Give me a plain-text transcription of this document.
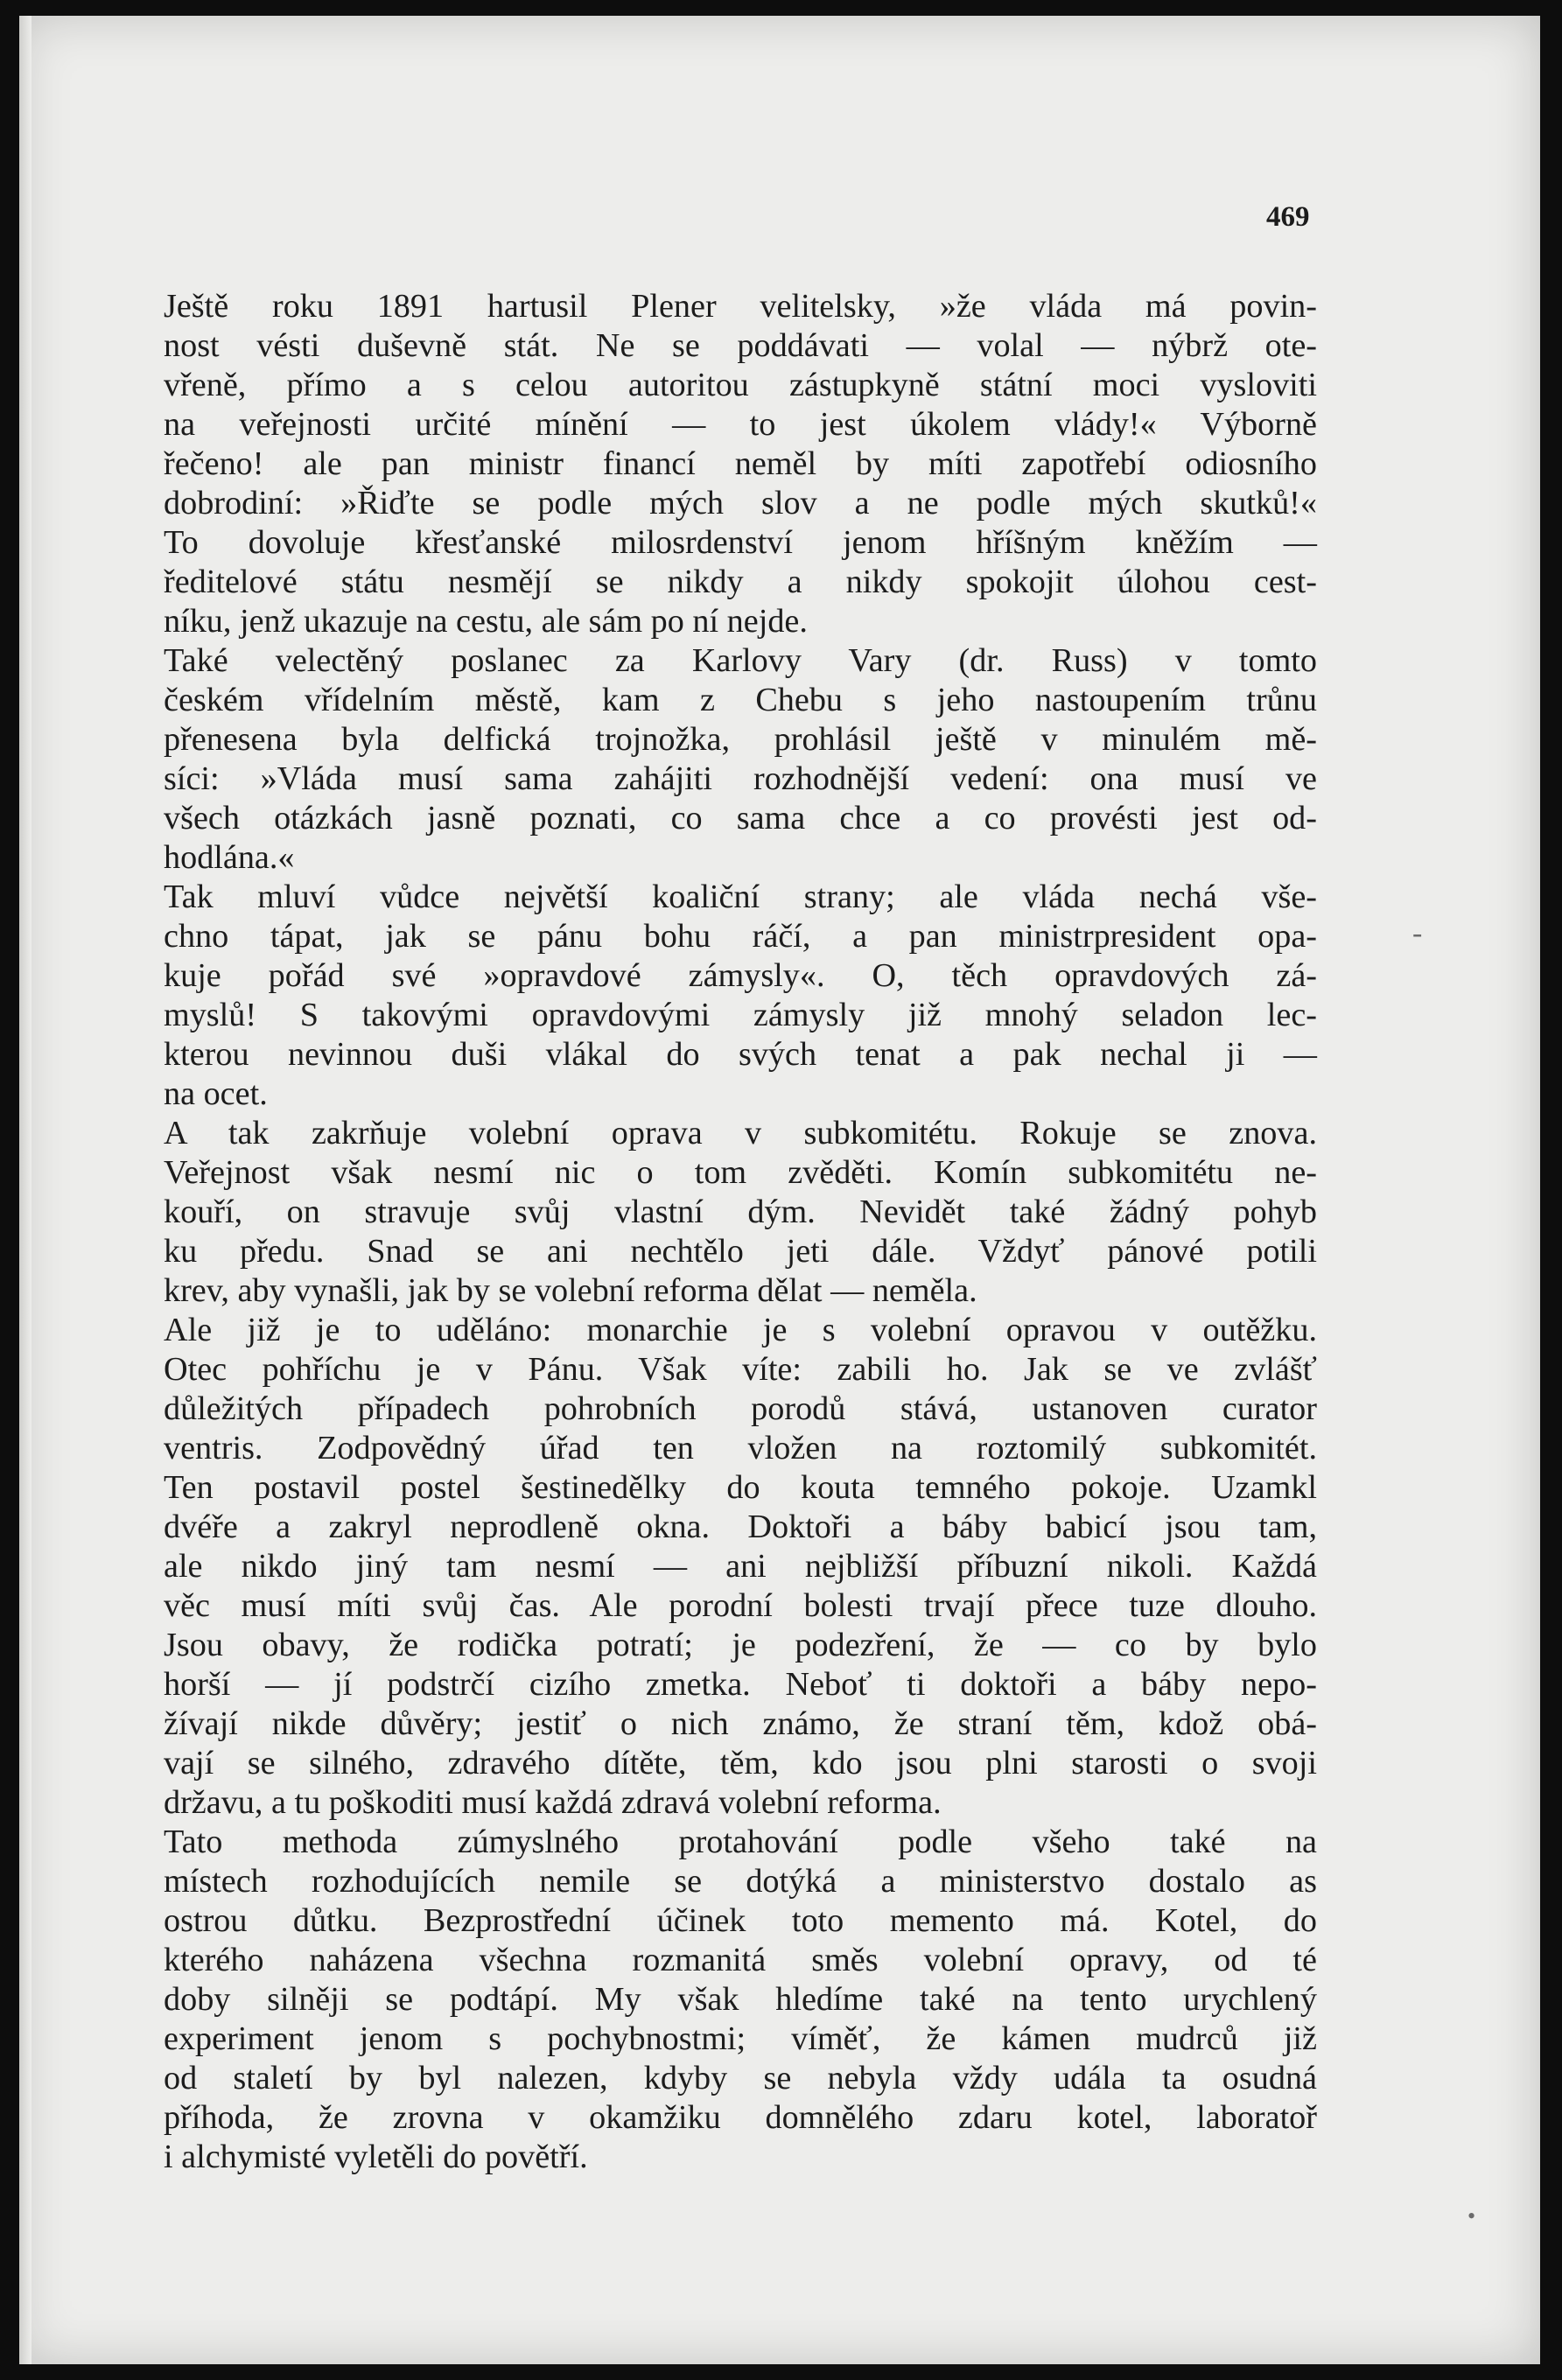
469

Ještě roku 1891 hartusil Plener velitelsky, »že vláda má povin-
nost vésti duševně stát. Ne se poddávati — volal — nýbrž ote-
vřeně, přímo a s celou autoritou zástupkyně státní moci vysloviti
na veřejnosti určité mínění — to jest úkolem vlády!« Výborně
řečeno! ale pan ministr financí neměl by míti zapotřebí odiosního
dobrodiní: »Řiďte se podle mých slov a ne podle mých skutků!«
To dovoluje křesťanské milosrdenství jenom hříšným kněžím —
ředitelové státu nesmějí se nikdy a nikdy spokojit úlohou cest-
níku, jenž ukazuje na cestu, ale sám po ní nejde.
Také velectěný poslanec za Karlovy Vary (dr. Russ) v tomto
českém vřídelním městě, kam z Chebu s jeho nastoupením trůnu
přenesena byla delfická trojnožka, prohlásil ještě v minulém mě-
síci: »Vláda musí sama zahájiti rozhodnější vedení: ona musí ve
všech otázkách jasně poznati, co sama chce a co provésti jest od-
hodlána.«
Tak mluví vůdce největší koaliční strany; ale vláda nechá vše-
chno tápat, jak se pánu bohu ráčí, a pan ministrpresident opa-
kuje pořád své »opravdové zámysly«. O, těch opravdových zá-
myslů! S takovými opravdovými zámysly již mnohý seladon lec-
kterou nevinnou duši vlákal do svých tenat a pak nechal ji —
na ocet.
A tak zakrňuje volební oprava v subkomitétu. Rokuje se znova.
Veřejnost však nesmí nic o tom zvěděti. Komín subkomitétu ne-
kouří, on stravuje svůj vlastní dým. Nevidět také žádný pohyb
ku předu. Snad se ani nechtělo jeti dále. Vždyť pánové potili
krev, aby vynašli, jak by se volební reforma dělat — neměla.
Ale již je to uděláno: monarchie je s volební opravou v outěžku.
Otec pohříchu je v Pánu. Však víte: zabili ho. Jak se ve zvlášť
důležitých případech pohrobních porodů stává, ustanoven curator
ventris. Zodpovědný úřad ten vložen na roztomilý subkomitét.
Ten postavil postel šestinedělky do kouta temného pokoje. Uzamkl
dvéře a zakryl neprodleně okna. Doktoři a báby babicí jsou tam,
ale nikdo jiný tam nesmí — ani nejbližší příbuzní nikoli. Každá
věc musí míti svůj čas. Ale porodní bolesti trvají přece tuze dlouho.
Jsou obavy, že rodička potratí; je podezření, že — co by bylo
horší — jí podstrčí cizího zmetka. Neboť ti doktoři a báby nepo-
žívají nikde důvěry; jestiť o nich známo, že straní těm, kdož obá-
vají se silného, zdravého dítěte, těm, kdo jsou plni starosti o svoji
državu, a tu poškoditi musí každá zdravá volební reforma.
Tato methoda zúmyslného protahování podle všeho také na
místech rozhodujících nemile se dotýká a ministerstvo dostalo as
ostrou důtku. Bezprostřední účinek toto memento má. Kotel, do
kterého naházena všechna rozmanitá směs volební opravy, od té
doby silněji se podtápí. My však hledíme také na tento urychlený
experiment jenom s pochybnostmi; víměť, že kámen mudrců již
od staletí by byl nalezen, kdyby se nebyla vždy udála ta osudná
příhoda, že zrovna v okamžiku domnělého zdaru kotel, laboratoř
i alchymisté vyletěli do povětří.
‐
•
